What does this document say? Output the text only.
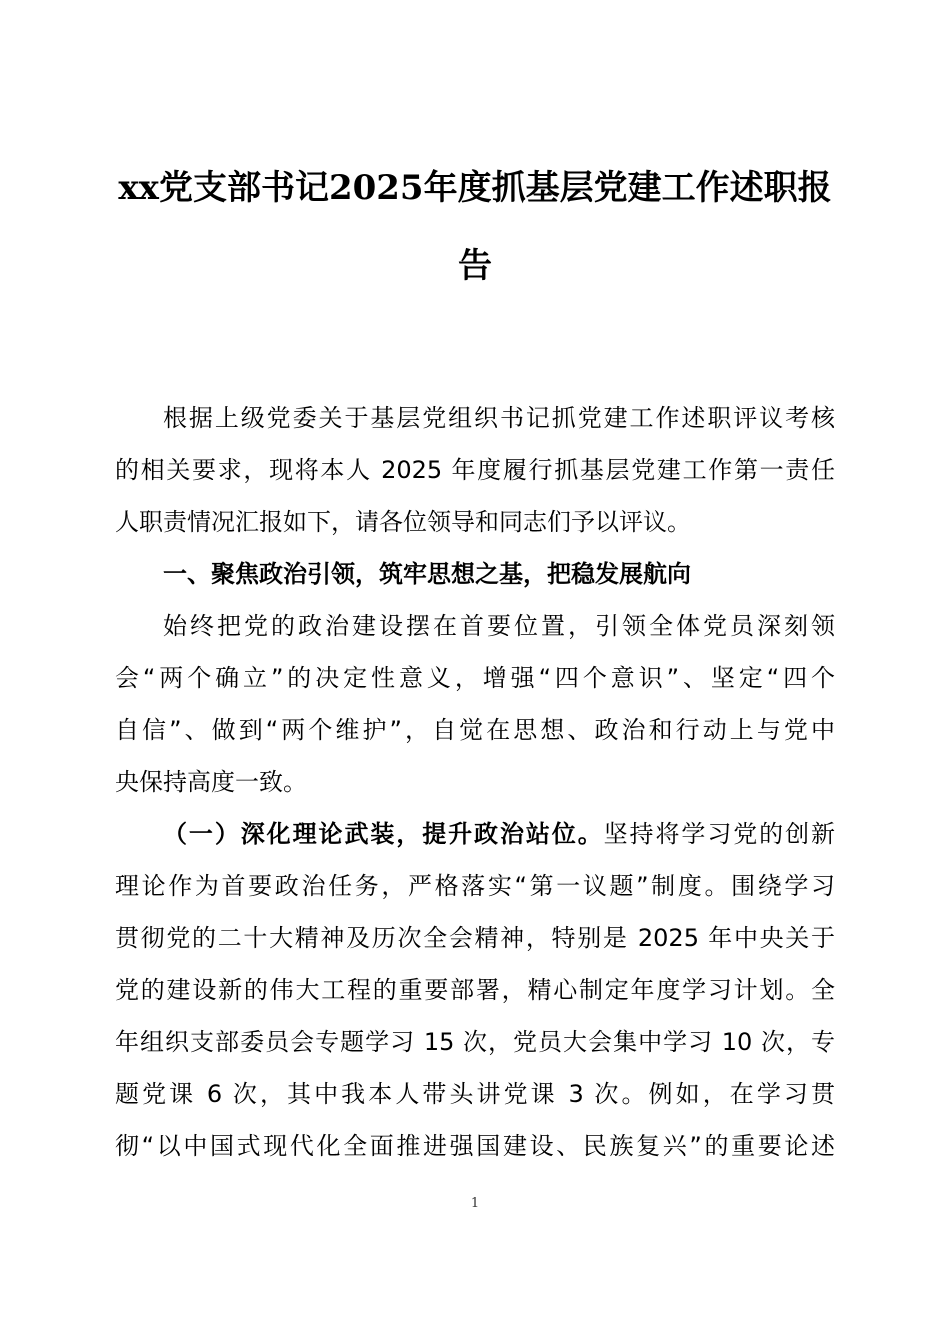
xx党支部书记2025年度抓基层党建工作述职报
告
根据上级党委关于基层党组织书记抓党建工作述职评议考核
的相关要求，现将本人 2025 年度履行抓基层党建工作第一责任
人职责情况汇报如下，请各位领导和同志们予以评议。
一、聚焦政治引领，筑牢思想之基，把稳发展航向
始终把党的政治建设摆在首要位置，引领全体党员深刻领
会“两个确立”的决定性意义，增强“四个意识”、坚定“四个
自信”、做到“两个维护”，自觉在思想、政治和行动上与党中
央保持高度一致。
（一）深化理论武装，提升政治站位。坚持将学习党的创新
理论作为首要政治任务，严格落实“第一议题”制度。围绕学习
贯彻党的二十大精神及历次全会精神，特别是 2025 年中央关于
党的建设新的伟大工程的重要部署，精心制定年度学习计划。全
年组织支部委员会专题学习 15 次，党员大会集中学习 10 次，专
题党课 6 次，其中我本人带头讲党课 3 次。例如，在学习贯
彻“以中国式现代化全面推进强国建设、民族复兴”的重要论述
1
